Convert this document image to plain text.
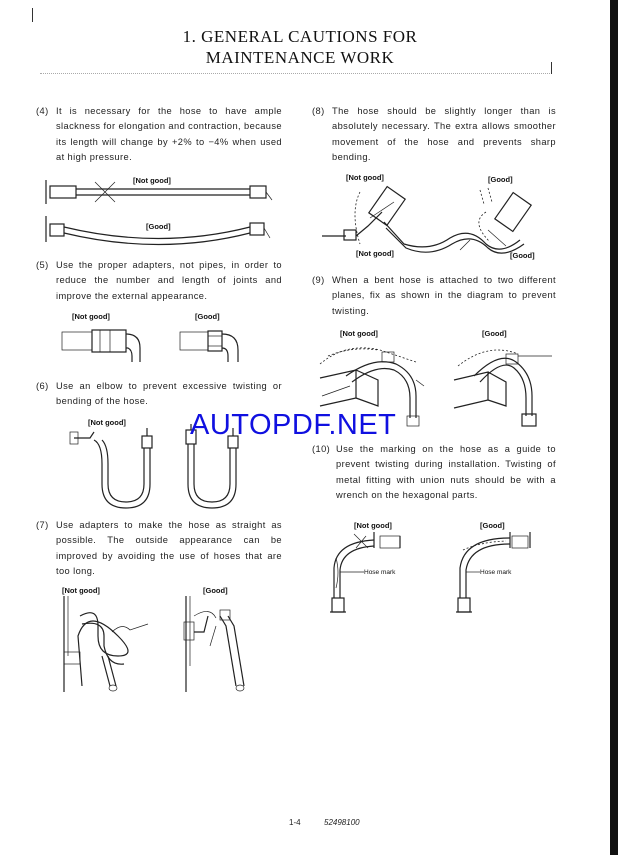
1. GENERAL CAUTIONS FOR
MAINTENANCE WORK
(4) It is necessary for the hose to have ample slackness for elongation and contraction, because its length will change by +2% to −4% when used at high pressure.
[Not good]
[Good]
(5) Use the proper adapters, not pipes, in order to reduce the number and length of joints and improve the external appearance.
[Not good]	[Good]
(6) Use an elbow to prevent excessive twisting or bending of the hose.
[Not good]
(7) Use adapters to make the hose as straight as possible. The outside appearance can be improved by avoiding the use of hoses that are too long.
[Not good]	[Good]
(8) The hose should be slightly longer than is absolutely necessary. The extra allows smoother movement of the hose and prevents sharp bending.
[Not good]	[Good]
[Not good]	[Good]
(9) When a bent hose is attached to two different planes, fix as shown in the diagram to prevent twisting.
[Not good]	[Good]
(10) Use the marking on the hose as a guide to prevent twisting during installation. Twisting of metal fitting with union nuts should be with a wrench on the hexagonal parts.
[Not good]	[Good]
Hose mark	Hose mark
AUTOPDF.NET
1-4	52498100
